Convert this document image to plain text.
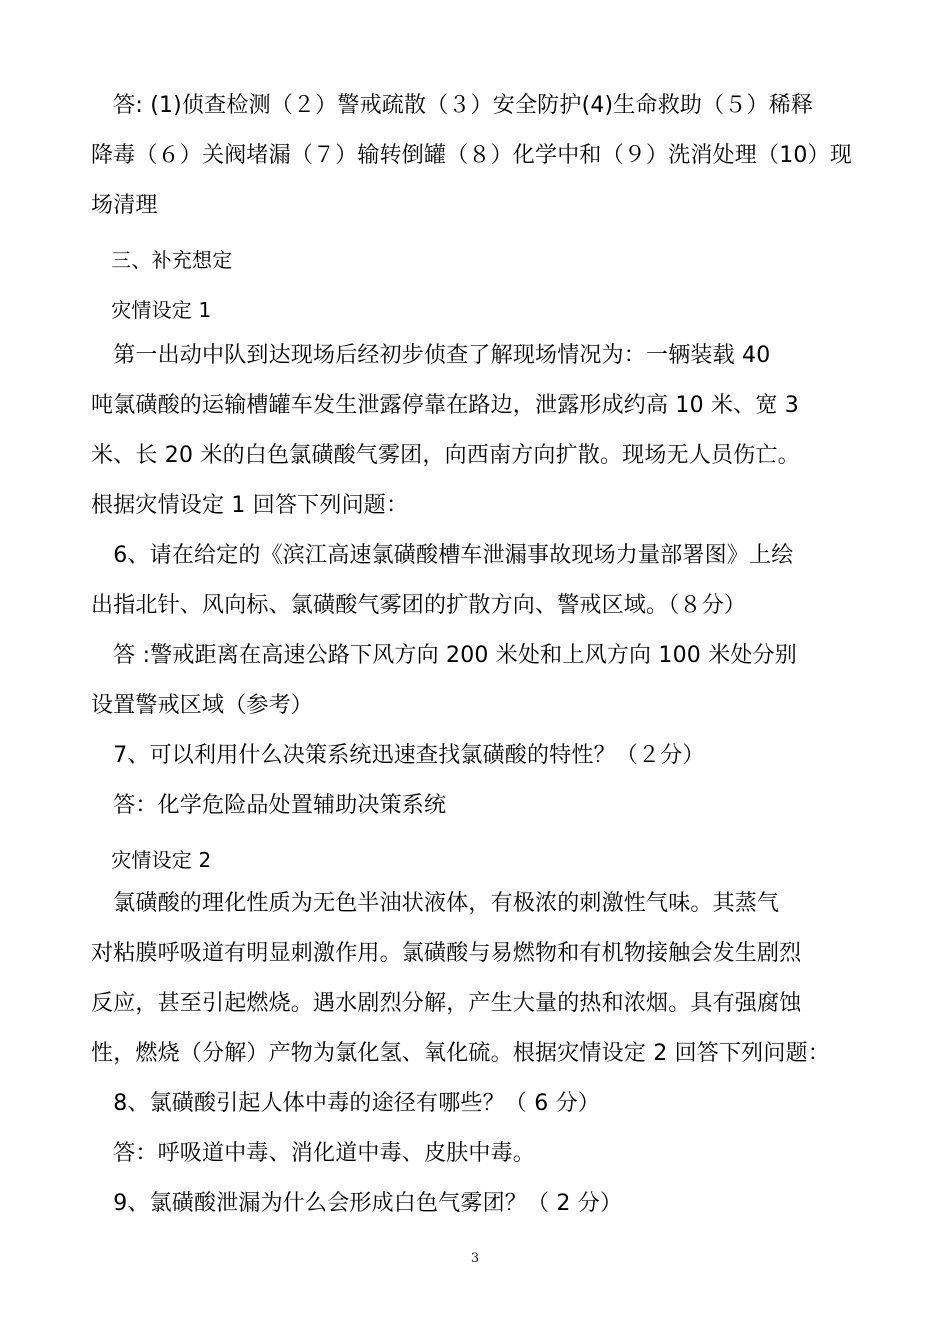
　答: (1)侦查检测（２）警戒疏散（３）安全防护(4)生命救助（５）稀释
降毒（６）关阀堵漏（７）输转倒罐（８）化学中和（９）洗消处理（10）现
场清理
　三、补充想定
　灾情设定 1
　第一出动中队到达现场后经初步侦查了解现场情况为：一辆装载 40
吨氯磺酸的运输槽罐车发生泄露停靠在路边，泄露形成约高 10 米、宽 3
米、长 20 米的白色氯磺酸气雾团，向西南方向扩散。现场无人员伤亡。
根据灾情设定 1 回答下列问题：
　6、请在给定的《滨江高速氯磺酸槽车泄漏事故现场力量部署图》上绘
出指北针、风向标、氯磺酸气雾团的扩散方向、警戒区域。（８分）
　答 :警戒距离在高速公路下风方向 200 米处和上风方向 100 米处分别
设置警戒区域（参考）
　7、可以利用什么决策系统迅速查找氯磺酸的特性？（２分）
　答：化学危险品处置辅助决策系统
　灾情设定 2
　氯磺酸的理化性质为无色半油状液体，有极浓的刺激性气味。其蒸气
对粘膜呼吸道有明显刺激作用。氯磺酸与易燃物和有机物接触会发生剧烈
反应，甚至引起燃烧。遇水剧烈分解，产生大量的热和浓烟。具有强腐蚀
性，燃烧（分解）产物为氯化氢、氧化硫。根据灾情设定 2 回答下列问题：
　8、氯磺酸引起人体中毒的途径有哪些？（ 6 分）
　答：呼吸道中毒、消化道中毒、皮肤中毒。
　9、氯磺酸泄漏为什么会形成白色气雾团？（ 2 分）
3
